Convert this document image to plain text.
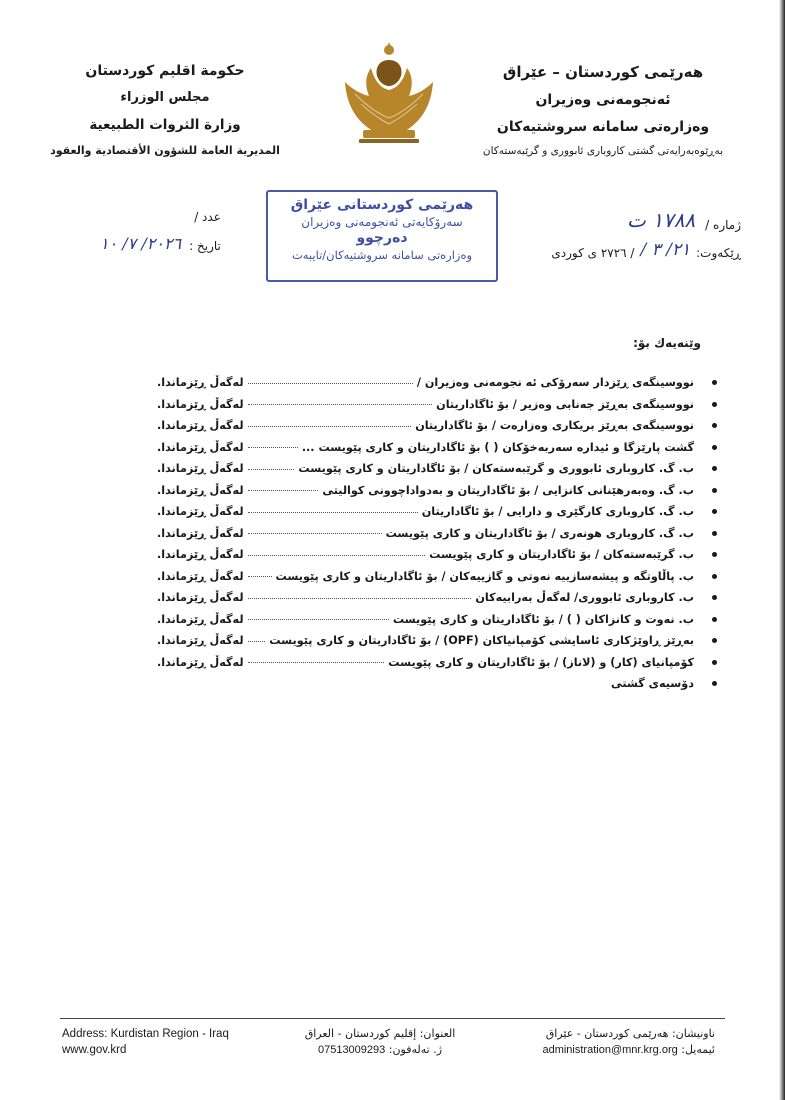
هەرێمی کوردستان – عێراق

ئەنجومەنی وەزیران

وەزارەتی سامانە سروشتیەکان

بەڕێوەبەرایەتی گشتی کاروباری ئابووری و گرێبەستەکان

حكومة اقليم كوردستان

مجلس الوزراء

وزارة الثروات الطبيعية

المديرية العامة للشؤون الأقتصادية والعقود

ژمارە /
١٧٨٨ ت
ڕێکەوت:
٢١/ ٣ /
/ ٢٧٢٦ ی کوردی
هەرێمی کوردستانی عێراق
سەرۆکایەتی ئەنجومەنی وەزیران
دەرچوو
وەزارەتی سامانە سروشتیەکان/تایبەت
عدد /
تاريخ :
٢٠٢٦/ ٧/ ١٠
وێنەیەك بۆ:
نووسینگەی ڕێزدار سەرۆکی ئه نجومەنی وەزیران /
لەگەڵ ڕێزماندا.
نووسینگەی بەڕێز جەنابی وەزیر / بۆ ئاگاداریتان
لەگەڵ ڕێزماندا.
نووسینگەی بەڕێز بریکاری وەزارەت / بۆ ئاگاداریتان
لەگەڵ ڕێزماندا.
گشت پارێزگا و ئیدارە سەربەخۆکان ( ) بۆ ئاگاداریتان و کاری پێویست ...
لەگەڵ ڕێزماندا.
ب. گ. کاروباری ئابووری و گرێبەستەکان / بۆ ئاگاداریتان و کاری پێویست
لەگەڵ ڕێزماندا.
ب. گ. وەبەرهێنانی کانزایی / بۆ ئاگاداریتان و بەدواداچوونی کوالیتی
لەگەڵ ڕێزماندا.
ب. گ. کاروباری کارگێری و دارایی / بۆ ئاگاداریتان
لەگەڵ ڕێزماندا.
ب. گ. کاروباری هونەری / بۆ ئاگاداریتان و کاری پێویست
لەگەڵ ڕێزماندا.
ب. گرێبەستەکان / بۆ ئاگاداریتان و کاری پێویست
لەگەڵ ڕێزماندا.
ب. پاڵاوتگە و پیشەسازییە نەوتی و گازییەکان / بۆ ئاگاداریتان و کاری پێویست
لەگەڵ ڕێزماندا.
ب. کاروباری ئابووری/ لەگەڵ بەرابیەکان
لەگەڵ ڕێزماندا.
ب. نەوت و کانزاکان ( ) / بۆ ئاگاداریتان و کاری پێویست
لەگەڵ ڕێزماندا.
بەڕێز ڕاوێژکاری ئاسایشی کۆمپانیاکان (OPF) / بۆ ئاگاداریتان و کاری پێویست
لەگەڵ ڕێزماندا.
کۆمپانیای (کار) و (لاناز) / بۆ ئاگاداریتان و کاری پێویست
لەگەڵ ڕێزماندا.
دۆسیەی گشتی
Address: Kurdistan Region - Iraq
www.gov.krd
العنوان: إقليم كوردستان - العراق
ژ. تەلەفون: 07513009293
ناونیشان: هەرێمی کوردستان - عێراق
ئیمەیل: administration@mnr.krg.org
